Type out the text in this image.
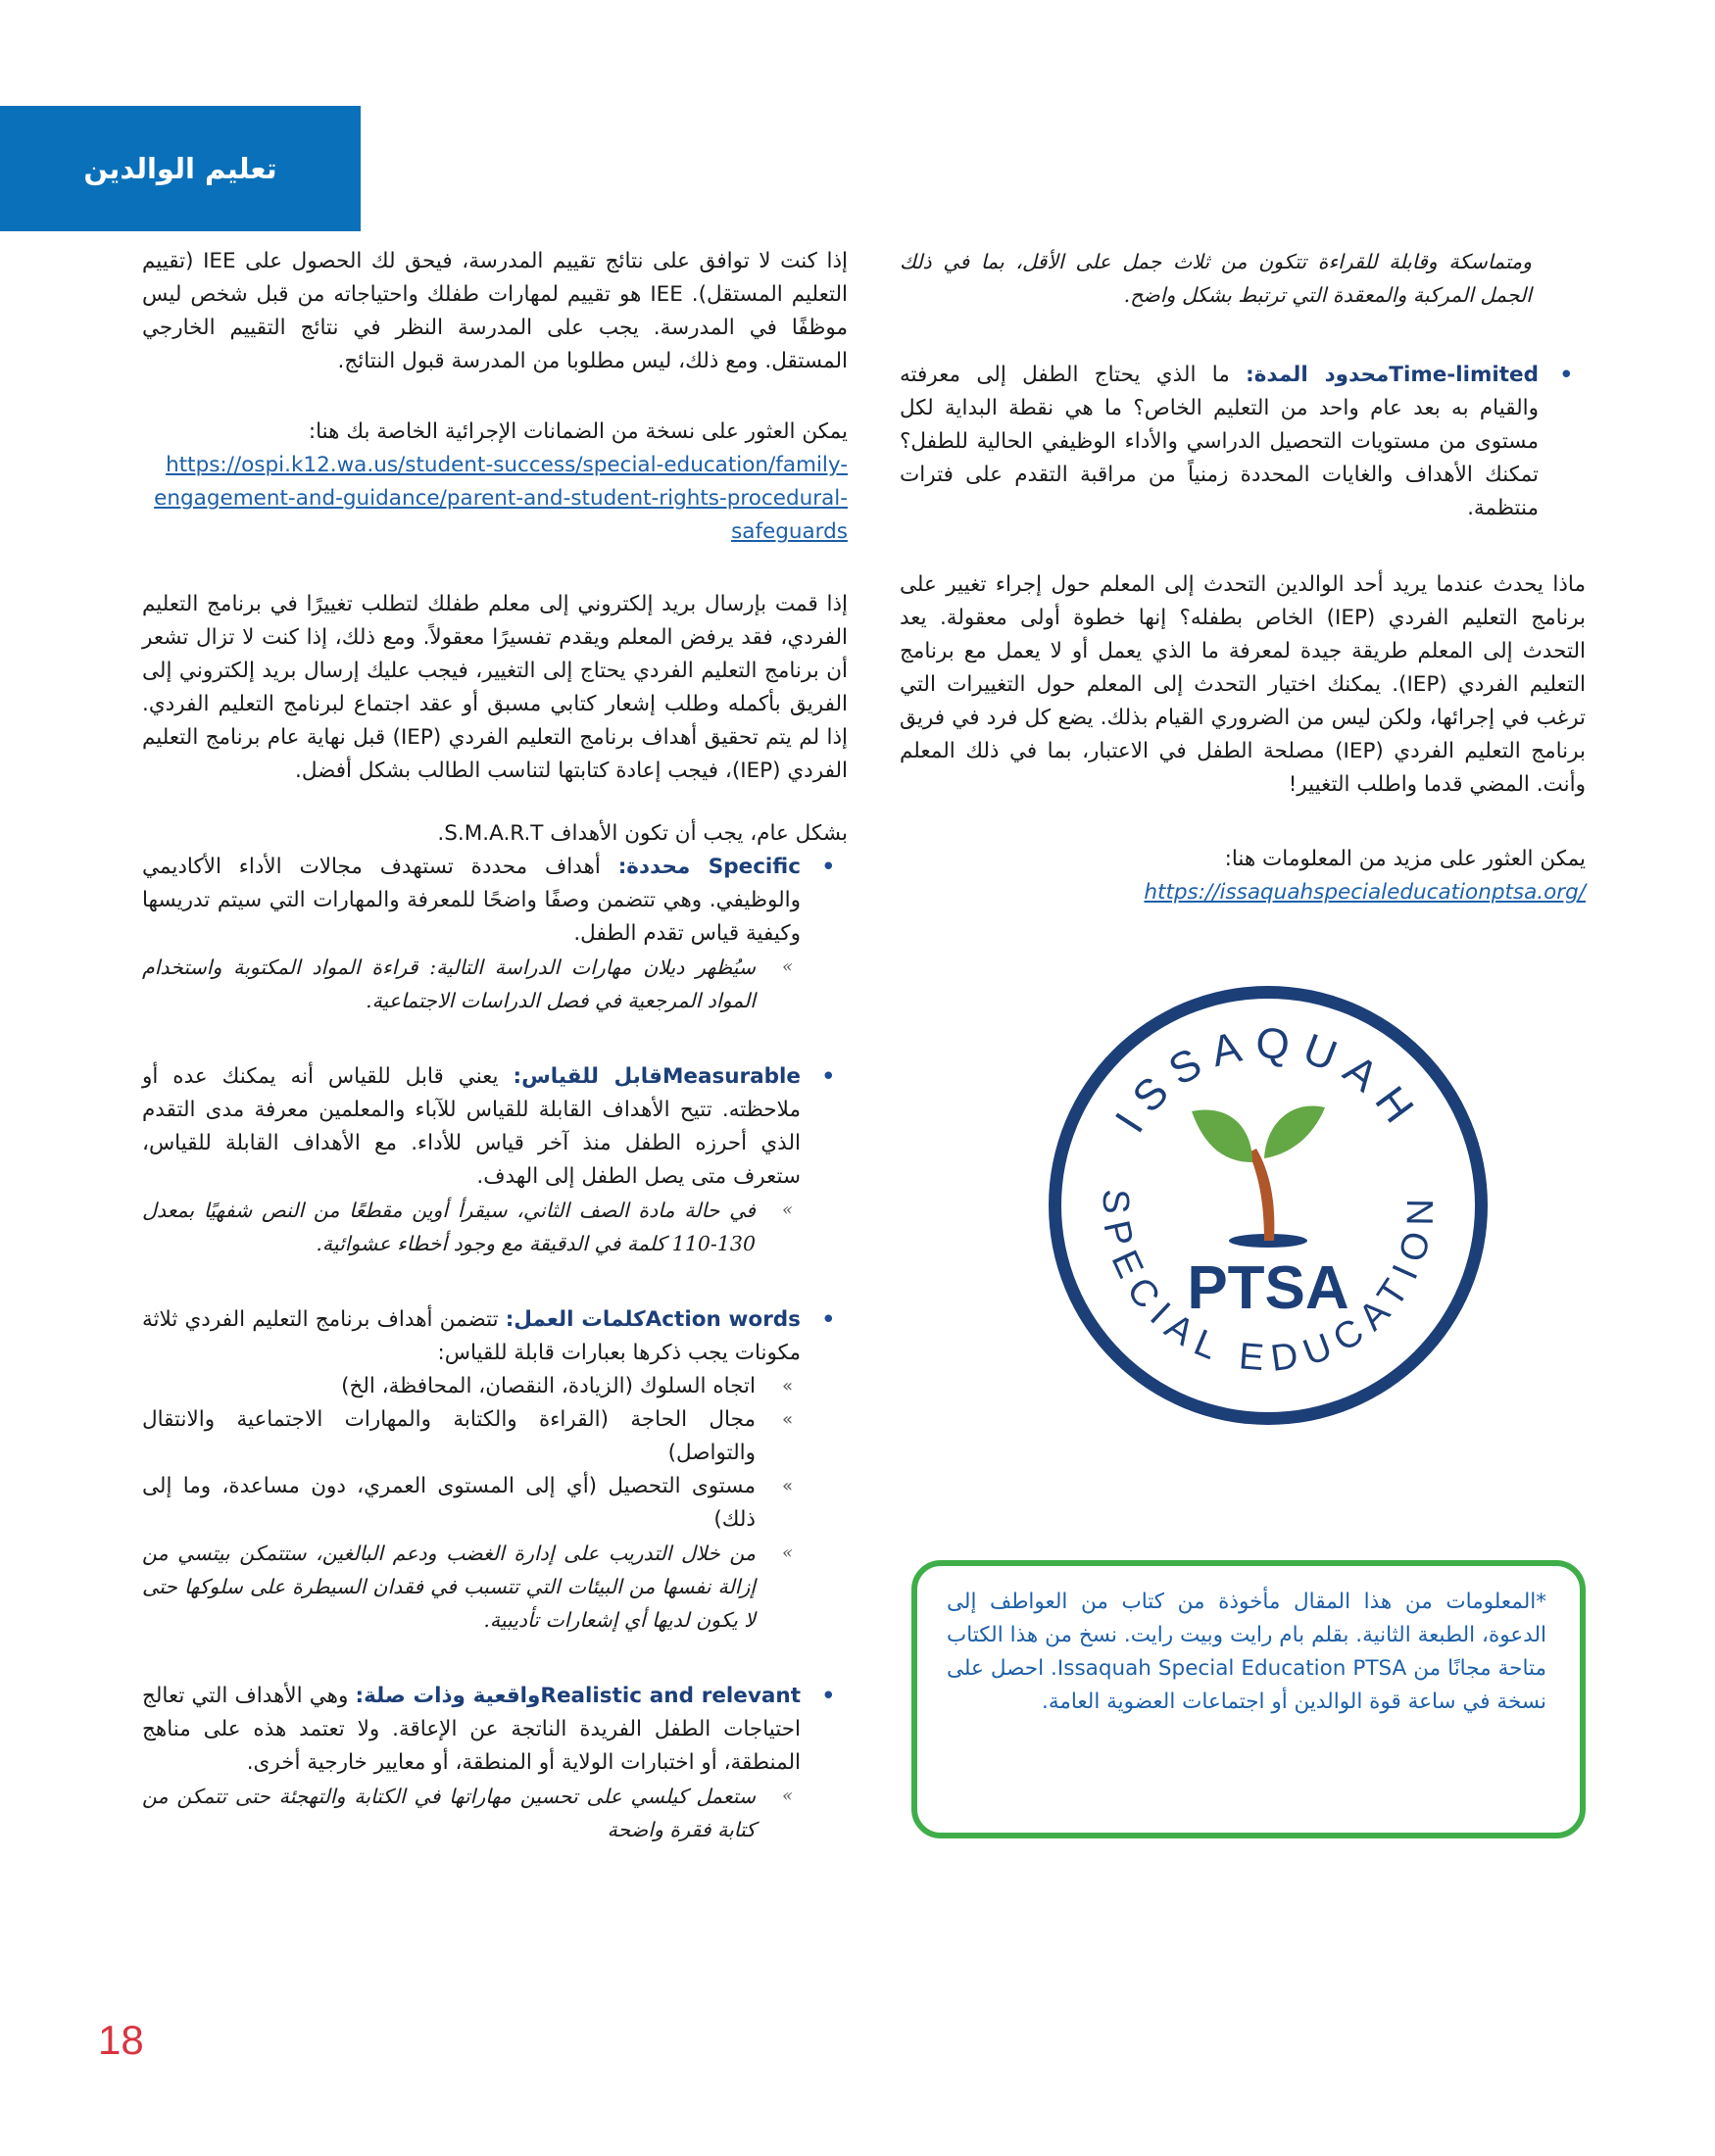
تعليم الوالدين
ومتماسكة وقابلة للقراءة تتكون من ثلاث جمل على الأقل، بما في ذلك الجمل المركبة والمعقدة التي ترتبط بشكل واضح.
• Time-limitedمحدود المدة: ما الذي يحتاج الطفل إلى معرفته والقيام به بعد عام واحد من التعليم الخاص؟ ما هي نقطة البداية لكل مستوى من مستويات التحصيل الدراسي والأداء الوظيفي الحالية للطفل؟ تمكنك الأهداف والغايات المحددة زمنياً من مراقبة التقدم على فترات منتظمة.

ماذا يحدث عندما يريد أحد الوالدين التحدث إلى المعلم حول إجراء تغيير على برنامج التعليم الفردي (IEP) الخاص بطفله؟ إنها خطوة أولى معقولة. يعد التحدث إلى المعلم طريقة جيدة لمعرفة ما الذي يعمل أو لا يعمل مع برنامج التعليم الفردي (IEP). يمكنك اختيار التحدث إلى المعلم حول التغييرات التي ترغب في إجرائها، ولكن ليس من الضروري القيام بذلك. يضع كل فرد في فريق برنامج التعليم الفردي (IEP) مصلحة الطفل في الاعتبار، بما في ذلك المعلم وأنت. المضي قدما واطلب التغيير!

يمكن العثور على مزيد من المعلومات هنا:

https://issaquahspecialeducationptsa.org/
ISSAQUAH
SPECIAL EDUCATION
PTSA
*المعلومات من هذا المقال مأخوذة من كتاب من العواطف إلى الدعوة، الطبعة الثانية. بقلم بام رايت وبيت رايت. نسخ من هذا الكتاب متاحة مجانًا من Issaquah Special Education PTSA. احصل على نسخة في ساعة قوة الوالدين أو اجتماعات العضوية العامة.

إذا كنت لا توافق على نتائج تقييم المدرسة، فيحق لك الحصول على IEE (تقييم التعليم المستقل). IEE هو تقييم لمهارات طفلك واحتياجاته من قبل شخص ليس موظفًا في المدرسة. يجب على المدرسة النظر في نتائج التقييم الخارجي المستقل. ومع ذلك، ليس مطلوبا من المدرسة قبول النتائج.

يمكن العثور على نسخة من الضمانات الإجرائية الخاصة بك هنا:

https://ospi.k12.wa.us/student-success/special-education/family-engagement-and-guidance/parent-and-student-rights-procedural-safeguards

إذا قمت بإرسال بريد إلكتروني إلى معلم طفلك لتطلب تغييرًا في برنامج التعليم الفردي، فقد يرفض المعلم ويقدم تفسيرًا معقولاً. ومع ذلك، إذا كنت لا تزال تشعر أن برنامج التعليم الفردي يحتاج إلى التغيير، فيجب عليك إرسال بريد إلكتروني إلى الفريق بأكمله وطلب إشعار كتابي مسبق أو عقد اجتماع لبرنامج التعليم الفردي. إذا لم يتم تحقيق أهداف برنامج التعليم الفردي (IEP) قبل نهاية عام برنامج التعليم الفردي (IEP)، فيجب إعادة كتابتها لتناسب الطالب بشكل أفضل.

بشكل عام، يجب أن تكون الأهداف S.M.A.R.T.

• Specific محددة: أهداف محددة تستهدف مجالات الأداء الأكاديمي والوظيفي. وهي تتضمن وصفًا واضحًا للمعرفة والمهارات التي سيتم تدريسها وكيفية قياس تقدم الطفل.
» سيُظهر ديلان مهارات الدراسة التالية: قراءة المواد المكتوبة واستخدام المواد المرجعية في فصل الدراسات الاجتماعية.
• Measurableقابل للقياس: يعني قابل للقياس أنه يمكنك عده أو ملاحظته. تتيح الأهداف القابلة للقياس للآباء والمعلمين معرفة مدى التقدم الذي أحرزه الطفل منذ آخر قياس للأداء. مع الأهداف القابلة للقياس، ستعرف متى يصل الطفل إلى الهدف.
» في حالة مادة الصف الثاني، سيقرأ أوين مقطعًا من النص شفهيًا بمعدل 130-110 كلمة في الدقيقة مع وجود أخطاء عشوائية.
• Action wordsكلمات العمل: تتضمن أهداف برنامج التعليم الفردي ثلاثة مكونات يجب ذكرها بعبارات قابلة للقياس:
» اتجاه السلوك (الزيادة، النقصان، المحافظة، الخ)
» مجال الحاجة (القراءة والكتابة والمهارات الاجتماعية والانتقال والتواصل)
» مستوى التحصيل (أي إلى المستوى العمري، دون مساعدة، وما إلى ذلك)
» من خلال التدريب على إدارة الغضب ودعم البالغين، ستتمكن بيتسي من إزالة نفسها من البيئات التي تتسبب في فقدان السيطرة على سلوكها حتى لا يكون لديها أي إشعارات تأديبية.
• Realistic and relevantواقعية وذات صلة: وهي الأهداف التي تعالج احتياجات الطفل الفريدة الناتجة عن الإعاقة. ولا تعتمد هذه على مناهج المنطقة، أو اختبارات الولاية أو المنطقة، أو معايير خارجية أخرى.
» ستعمل كيلسي على تحسين مهاراتها في الكتابة والتهجئة حتى تتمكن من كتابة فقرة واضحة
18
